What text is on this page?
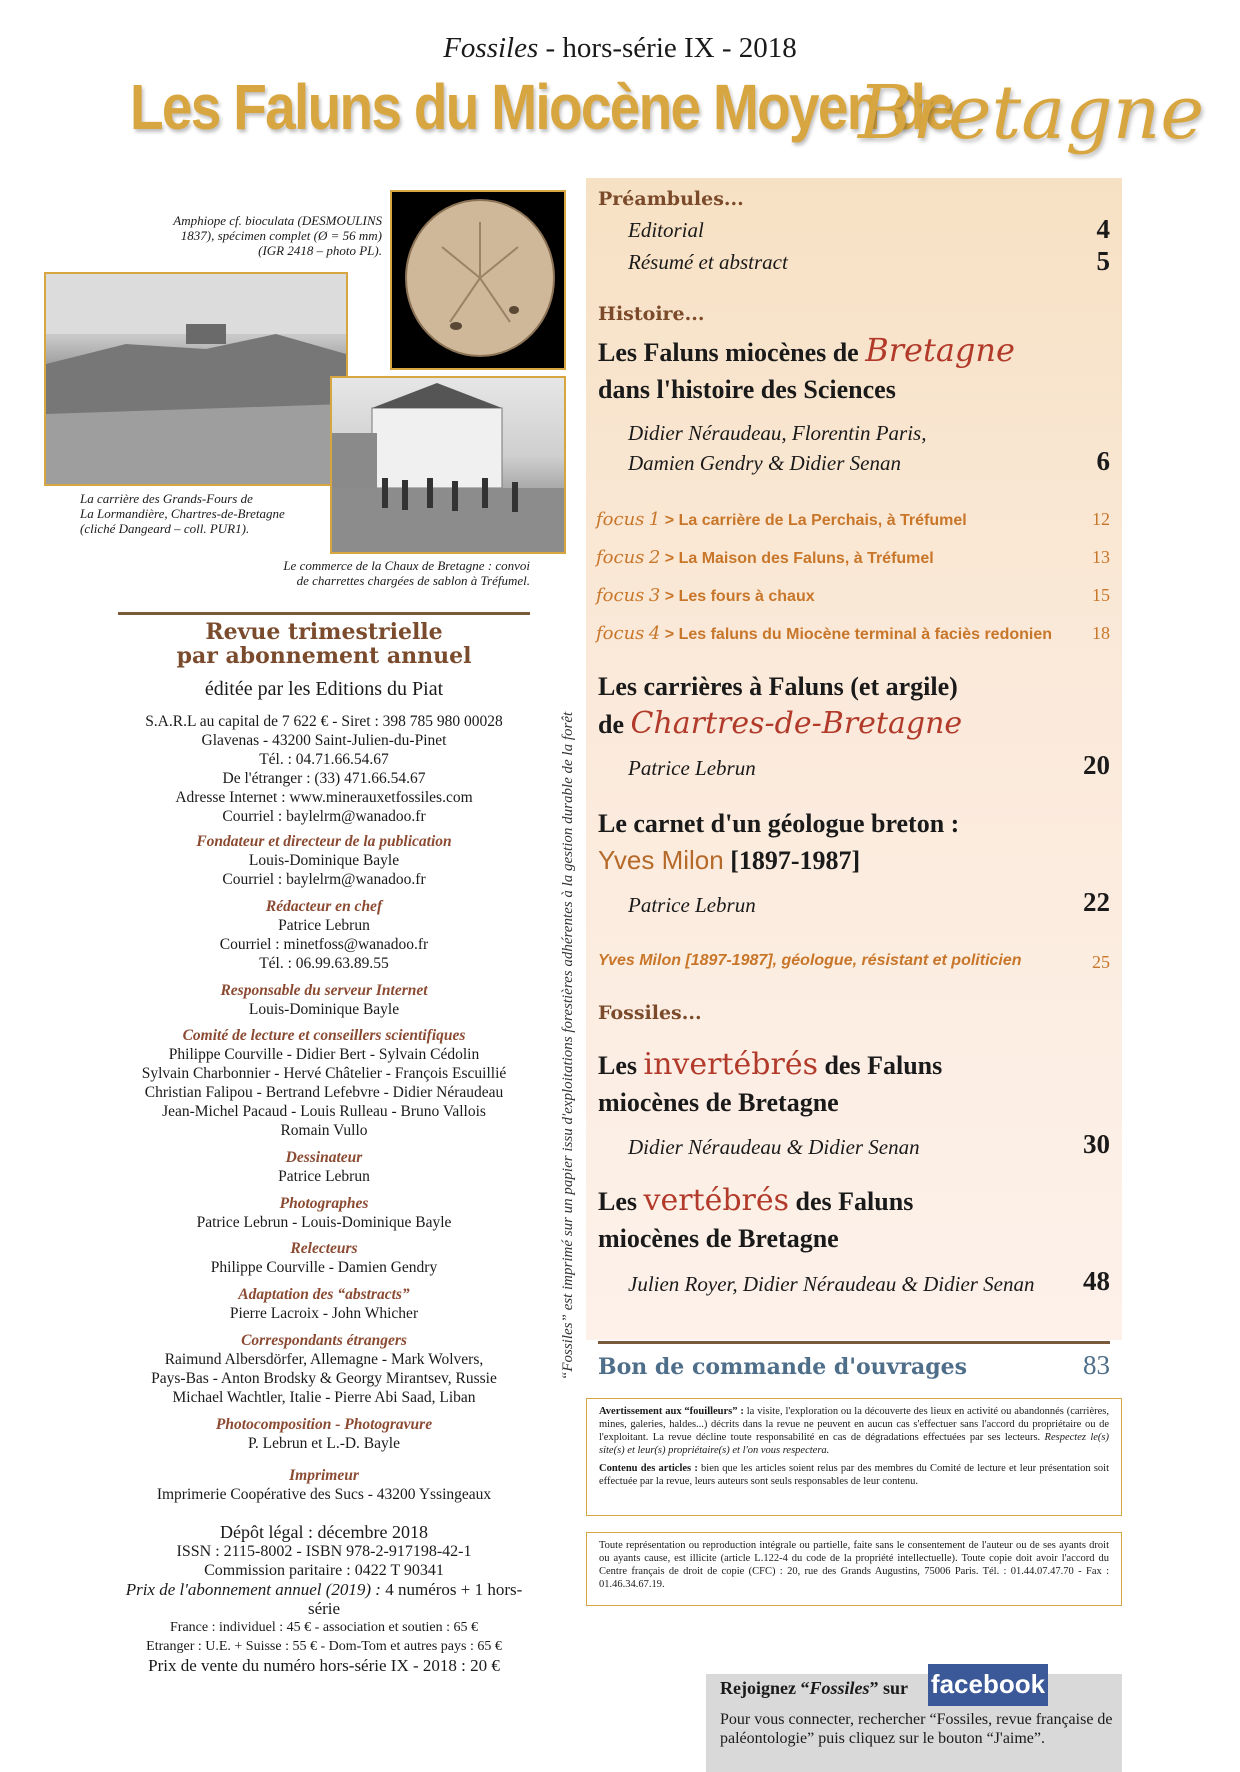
Fossiles - hors-série IX - 2018
Les Faluns du Miocène Moyen de
Bretagne
Amphiope cf. bioculata (DESMOULINS
1837), spécimen complet (Ø = 56 mm)
(IGR 2418 – photo PL).
La carrière des Grands-Fours de
La Lormandière, Chartres-de-Bretagne
(cliché Dangeard – coll. PUR1).
Le commerce de la Chaux de Bretagne : convoi
de charrettes chargées de sablon à Tréfumel.
Revue trimestrielle
par abonnement annuel
éditée par les Editions du Piat
S.A.R.L au capital de 7 622 € - Siret : 398 785 980 00028
Glavenas - 43200 Saint-Julien-du-Pinet
Tél. : 04.71.66.54.67
De l'étranger : (33) 471.66.54.67
Adresse Internet : www.minerauxetfossiles.com
Courriel : baylelrm@wanadoo.fr
Fondateur et directeur de la publication
Louis-Dominique Bayle
Courriel : baylelrm@wanadoo.fr
Rédacteur en chef
Patrice Lebrun
Courriel : minetfoss@wanadoo.fr
Tél. : 06.99.63.89.55
Responsable du serveur Internet
Louis-Dominique Bayle
Comité de lecture et conseillers scientifiques
Philippe Courville - Didier Bert - Sylvain Cédolin
Sylvain Charbonnier - Hervé Châtelier - François Escuillié
Christian Falipou - Bertrand Lefebvre - Didier Néraudeau
Jean-Michel Pacaud - Louis Rulleau - Bruno Vallois
Romain Vullo
Dessinateur
Patrice Lebrun
Photographes
Patrice Lebrun - Louis-Dominique Bayle
Relecteurs
Philippe Courville - Damien Gendry
Adaptation des “abstracts”
Pierre Lacroix - John Whicher
Correspondants étrangers
Raimund Albersdörfer, Allemagne - Mark Wolvers,
Pays-Bas - Anton Brodsky & Georgy Mirantsev, Russie
Michael Wachtler, Italie - Pierre Abi Saad, Liban
Photocomposition - Photogravure
P. Lebrun et L.-D. Bayle
Imprimeur
Imprimerie Coopérative des Sucs - 43200 Yssingeaux
Dépôt légal : décembre 2018
ISSN : 2115-8002 - ISBN 978-2-917198-42-1
Commission paritaire : 0422 T 90341
Prix de l'abonnement annuel (2019) : 4 numéros + 1 hors-série
France : individuel : 45 € - association et soutien : 65 €
Etranger : U.E. + Suisse : 55 € - Dom-Tom et autres pays : 65 €
Prix de vente du numéro hors-série IX - 2018 : 20 €
“Fossiles” est imprimé sur un papier issu d'exploitations forestières adhérentes à la gestion durable de la forêt
Préambules...
Editorial	4
Résumé et abstract	5
Histoire...
Les Faluns miocènes de Bretagne
dans l'histoire des Sciences
Didier Néraudeau, Florentin Paris,
Damien Gendry & Didier Senan	6
focus 1 > La carrière de La Perchais, à Tréfumel	12
focus 2 > La Maison des Faluns, à Tréfumel	13
focus 3 > Les fours à chaux	15
focus 4 > Les faluns du Miocène terminal à faciès redonien 18
Les carrières à Faluns (et argile)
de Chartres-de-Bretagne
Patrice Lebrun	20
Le carnet d'un géologue breton :
Yves Milon [1897-1987]
Patrice Lebrun	22
Yves Milon [1897-1987], géologue, résistant et politicien	25
Fossiles...
Les invertébrés des Faluns
miocènes de Bretagne
Didier Néraudeau & Didier Senan	30
Les vertébrés des Faluns
miocènes de Bretagne
Julien Royer, Didier Néraudeau & Didier Senan 48
Bon de commande d'ouvrages	83
Avertissement aux “fouilleurs” : la visite, l'exploration ou la découverte des lieux en activité ou abandonnés (carrières, mines, galeries, haldes...) décrits dans la revue ne peuvent en aucun cas s'effectuer sans l'accord du propriétaire ou de l'exploitant. La revue décline toute responsabilité en cas de dégradations effectuées par ses lecteurs. Respectez le(s) site(s) et leur(s) propriétaire(s) et l'on vous respectera.
Contenu des articles : bien que les articles soient relus par des membres du Comité de lecture et leur présentation soit effectuée par la revue, leurs auteurs sont seuls responsables de leur contenu.
Toute représentation ou reproduction intégrale ou partielle, faite sans le consentement de l'auteur ou de ses ayants droit ou ayants cause, est illicite (article L.122-4 du code de la propriété intellectuelle). Toute copie doit avoir l'accord du Centre français de droit de copie (CFC) : 20, rue des Grands Augustins, 75006 Paris. Tél. : 01.44.07.47.70 - Fax : 01.46.34.67.19.
facebook
Rejoignez “Fossiles” sur
Pour vous connecter, rechercher “Fossiles, revue française de paléontologie” puis cliquez sur le bouton “J'aime”.
